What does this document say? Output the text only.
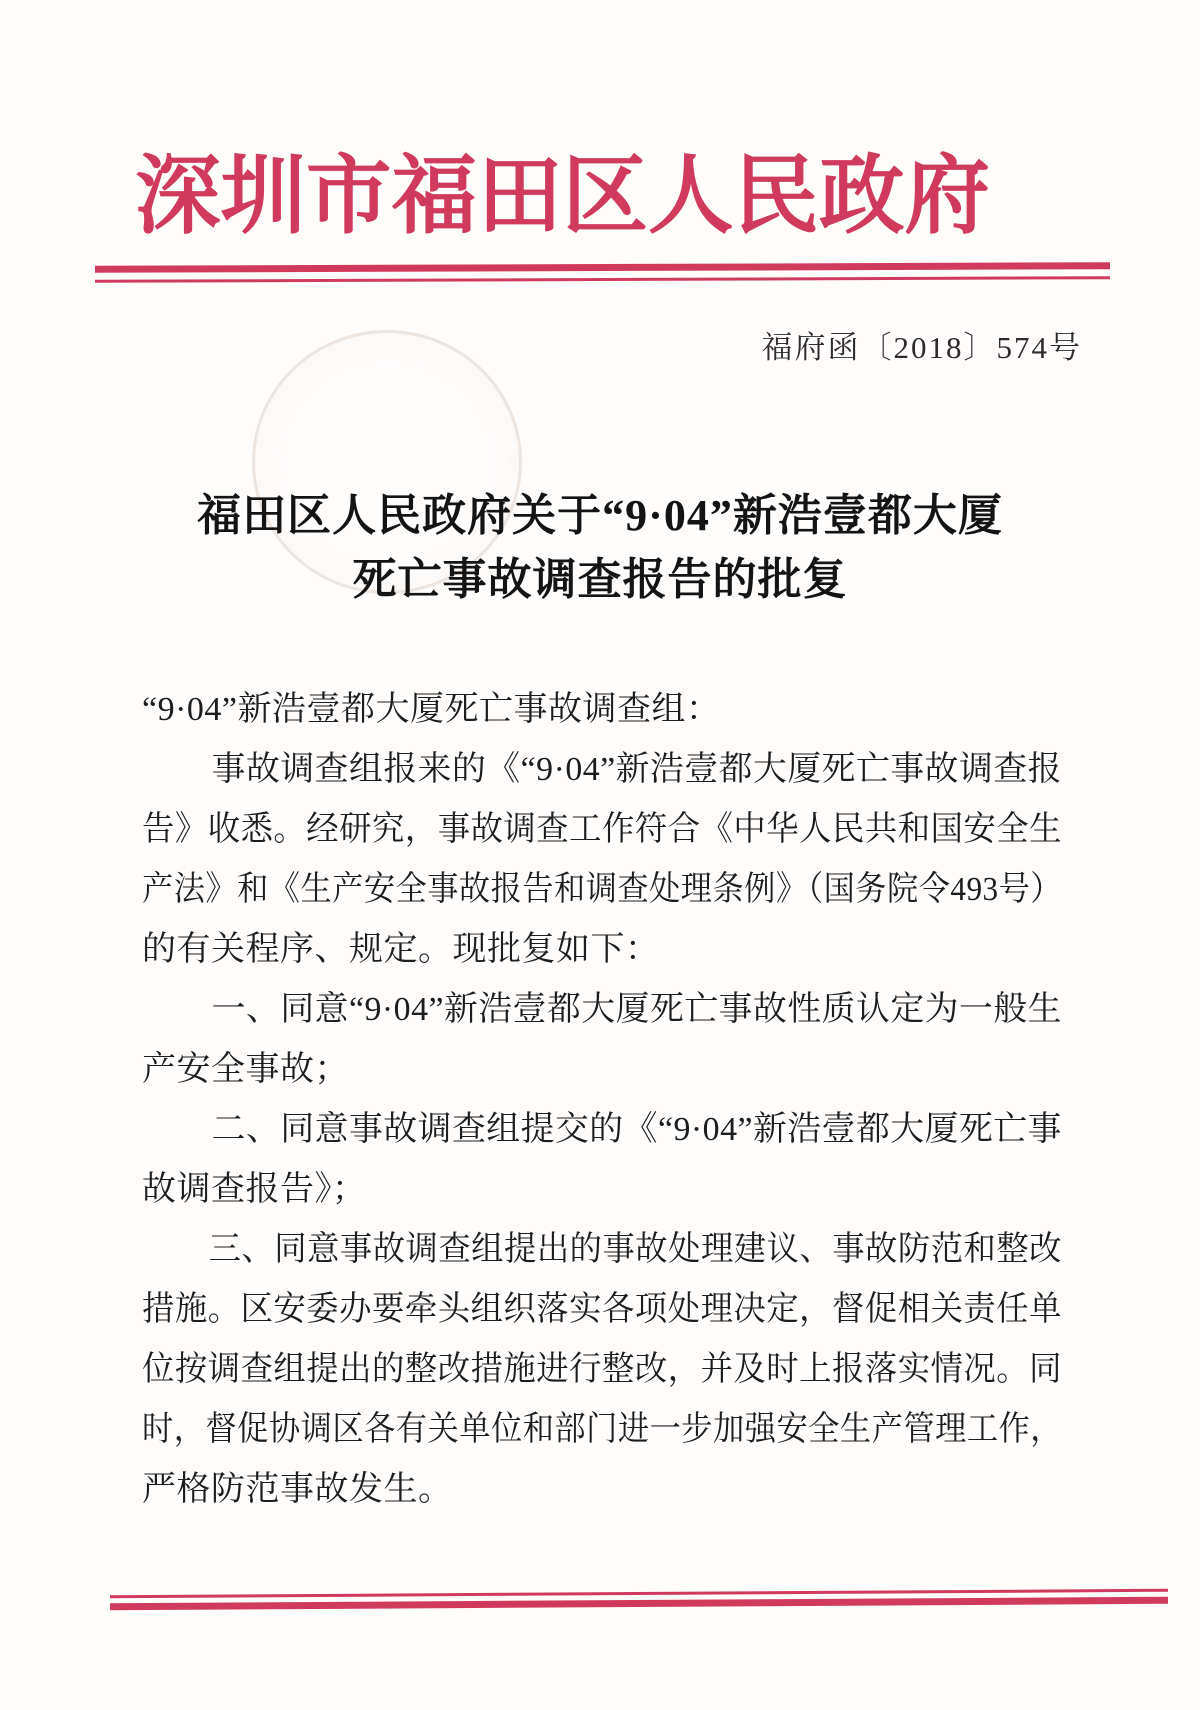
深圳市福田区人民政府
福府函〔2018〕574号
福田区人民政府关于“9·04”新浩壹都大厦
死亡事故调查报告的批复
“9·04”新浩壹都大厦死亡事故调查组：
事故调查组报来的《“9·04”新浩壹都大厦死亡事故调查报
告》收悉。经研究，事故调查工作符合《中华人民共和国安全生
产法》和《生产安全事故报告和调查处理条例》（国务院令493号）
的有关程序、规定。现批复如下：
一、同意“9·04”新浩壹都大厦死亡事故性质认定为一般生
产安全事故；
二、同意事故调查组提交的《“9·04”新浩壹都大厦死亡事
故调查报告》；
三、同意事故调查组提出的事故处理建议、事故防范和整改
措施。区安委办要牵头组织落实各项处理决定，督促相关责任单
位按调查组提出的整改措施进行整改，并及时上报落实情况。同
时，督促协调区各有关单位和部门进一步加强安全生产管理工作，
严格防范事故发生。
